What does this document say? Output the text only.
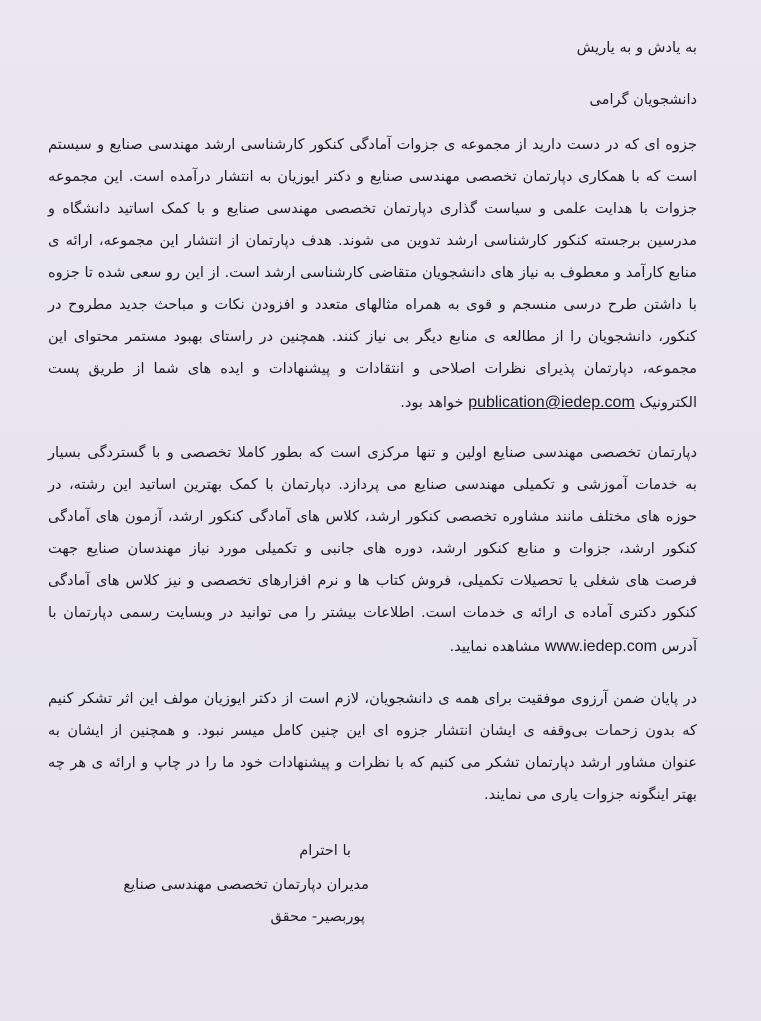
به یادش و به یاریش
دانشجویان گرامی
جزوه ای که در دست دارید از مجموعه ی جزوات آمادگی کنکور کارشناسی ارشد مهندسی صنایع و سیستم
است که با همکاری دپارتمان تخصصی مهندسی صنایع و دکتر ایوزیان به انتشار درآمده است. این مجموعه
جزوات با هدایت علمی و سیاست گذاری دپارتمان تخصصی مهندسی صنایع و با کمک اساتید دانشگاه و
مدرسین برجسته کنکور کارشناسی ارشد تدوین می شوند. هدف دپارتمان از انتشار این مجموعه، ارائه ی
منابع کارآمد و معطوف به نیاز های دانشجویان متقاضی کارشناسی ارشد است. از این رو سعی شده تا جزوه
با داشتن طرح درسی منسجم و قوی به همراه مثالهای متعدد و افزودن نکات و مباحث جدید مطروح در
کنکور، دانشجویان را از مطالعه ی منابع دیگر بی نیاز کنند. همچنین در راستای بهبود مستمر محتوای این
مجموعه، دپارتمان پذیرای نظرات اصلاحی و انتقادات و پیشنهادات و ایده های شما از طریق پست
الکترونیک publication@iedep.com خواهد بود.
دپارتمان تخصصی مهندسی صنایع اولین و تنها مرکزی است که بطور کاملا تخصصی و با گستردگی بسیار
به خدمات آموزشی و تکمیلی مهندسی صنایع می پردازد. دپارتمان با کمک بهترین اساتید این رشته، در
حوزه های مختلف مانند مشاوره تخصصی کنکور ارشد، کلاس های آمادگی کنکور ارشد، آزمون های آمادگی
کنکور ارشد، جزوات و منابع کنکور ارشد، دوره های جانبی و تکمیلی مورد نیاز مهندسان صنایع جهت
فرصت های شغلی یا تحصیلات تکمیلی، فروش کتاب ها و نرم افزارهای تخصصی و نیز کلاس های آمادگی
کنکور دکتری آماده ی ارائه ی خدمات است. اطلاعات بیشتر را می توانید در وبسایت رسمی دپارتمان با
آدرس www.iedep.com مشاهده نمایید.
در پایان ضمن آرزوی موفقیت برای همه ی دانشجویان، لازم است از دکتر ایوزیان مولف این اثر تشکر کنیم
که بدون زحمات بی‌وقفه ی ایشان انتشار جزوه ای این چنین کامل میسر نبود. و همچنین از ایشان به
عنوان مشاور ارشد دپارتمان تشکر می کنیم که با نظرات و پیشنهادات خود ما را در چاپ و ارائه ی هر چه
بهتر اینگونه جزوات یاری می نمایند.
با احترام
مدیران دپارتمان تخصصی مهندسی صنایع
پوربصیر- محقق
